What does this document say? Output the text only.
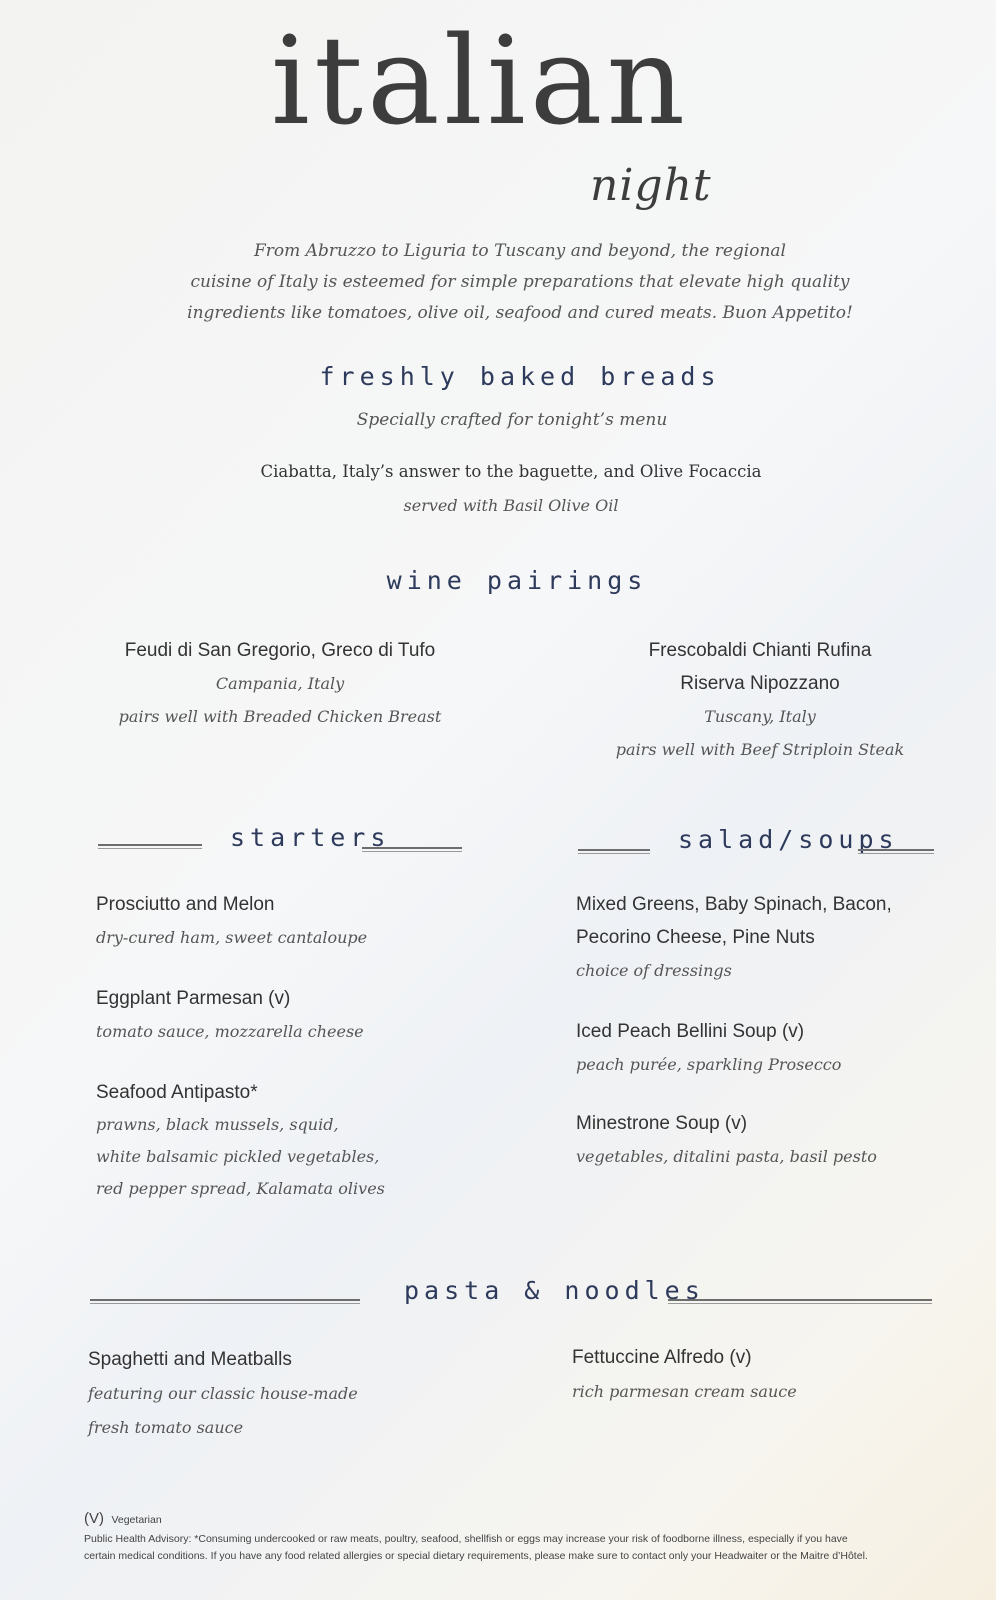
italian
night
From Abruzzo to Liguria to Tuscany and beyond, the regional
cuisine of Italy is esteemed for simple preparations that elevate high quality
ingredients like tomatoes, olive oil, seafood and cured meats. Buon Appetito!
freshly baked breads
Specially crafted for tonight’s menu
Ciabatta, Italy’s answer to the baguette, and Olive Focaccia
served with Basil Olive Oil
wine pairings
Feudi di San Gregorio, Greco di Tufo
Campania, Italy
pairs well with Breaded Chicken Breast
Frescobaldi Chianti Rufina
Riserva Nipozzano
Tuscany, Italy
pairs well with Beef Striploin Steak
starters	salad/soups
Prosciutto and Melon
dry-cured ham, sweet cantaloupe
Eggplant Parmesan (v)
tomato sauce, mozzarella cheese
Seafood Antipasto*
prawns, black mussels, squid,
white balsamic pickled vegetables,
red pepper spread, Kalamata olives
Mixed Greens, Baby Spinach, Bacon,
Pecorino Cheese, Pine Nuts
choice of dressings
Iced Peach Bellini Soup (v)
peach purée, sparkling Prosecco
Minestrone Soup (v)
vegetables, ditalini pasta, basil pesto
pasta & noodles
Spaghetti and Meatballs
featuring our classic house-made
fresh tomato sauce
Fettuccine Alfredo (v)
rich parmesan cream sauce
(V) Vegetarian
Public Health Advisory: *Consuming undercooked or raw meats, poultry, seafood, shellfish or eggs may increase your risk of foodborne illness, especially if you have
certain medical conditions. If you have any food related allergies or special dietary requirements, please make sure to contact only your Headwaiter or the Maitre d’Hôtel.
